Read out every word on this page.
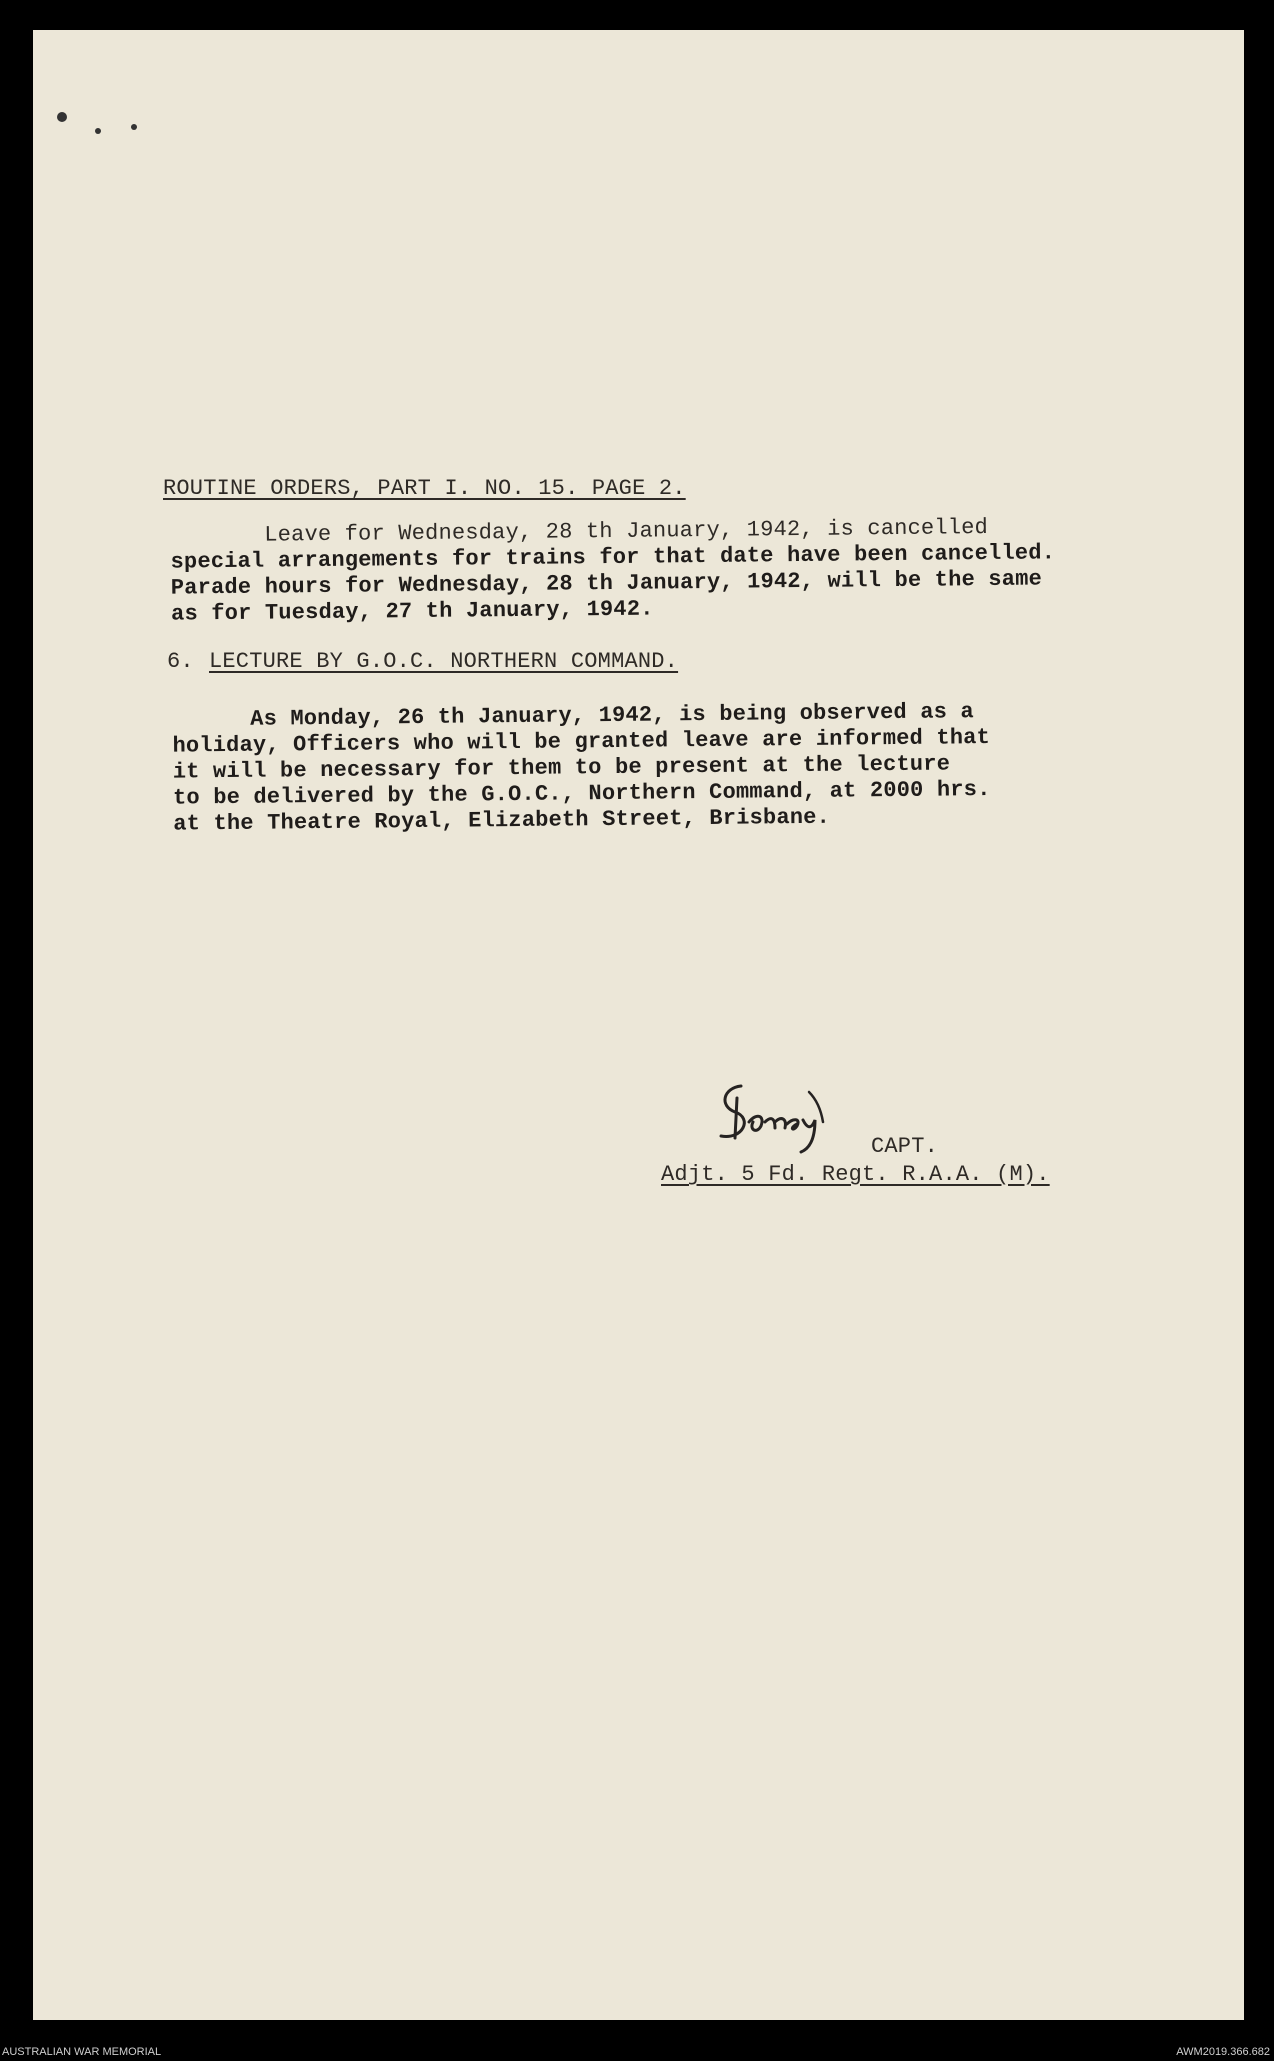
ROUTINE ORDERS, PART I. NO. 15. PAGE 2.
Leave for Wednesday, 28 th January, 1942, is cancelled
special arrangements for trains for that date have been cancelled.
Parade hours for Wednesday, 28 th January, 1942, will be the same
as for Tuesday, 27 th January, 1942.
6. LECTURE BY G.O.C. NORTHERN COMMAND.
As Monday, 26 th January, 1942, is being observed as a
holiday, Officers who will be granted leave are informed that
it will be necessary for them to be present at the lecture
to be delivered by the G.O.C., Northern Command, at 2000 hrs.
at the Theatre Royal, Elizabeth Street, Brisbane.
CAPT.
Adjt. 5 Fd. Regt. R.A.A. (M).
AUSTRALIAN WAR MEMORIAL	AWM2019.366.682
